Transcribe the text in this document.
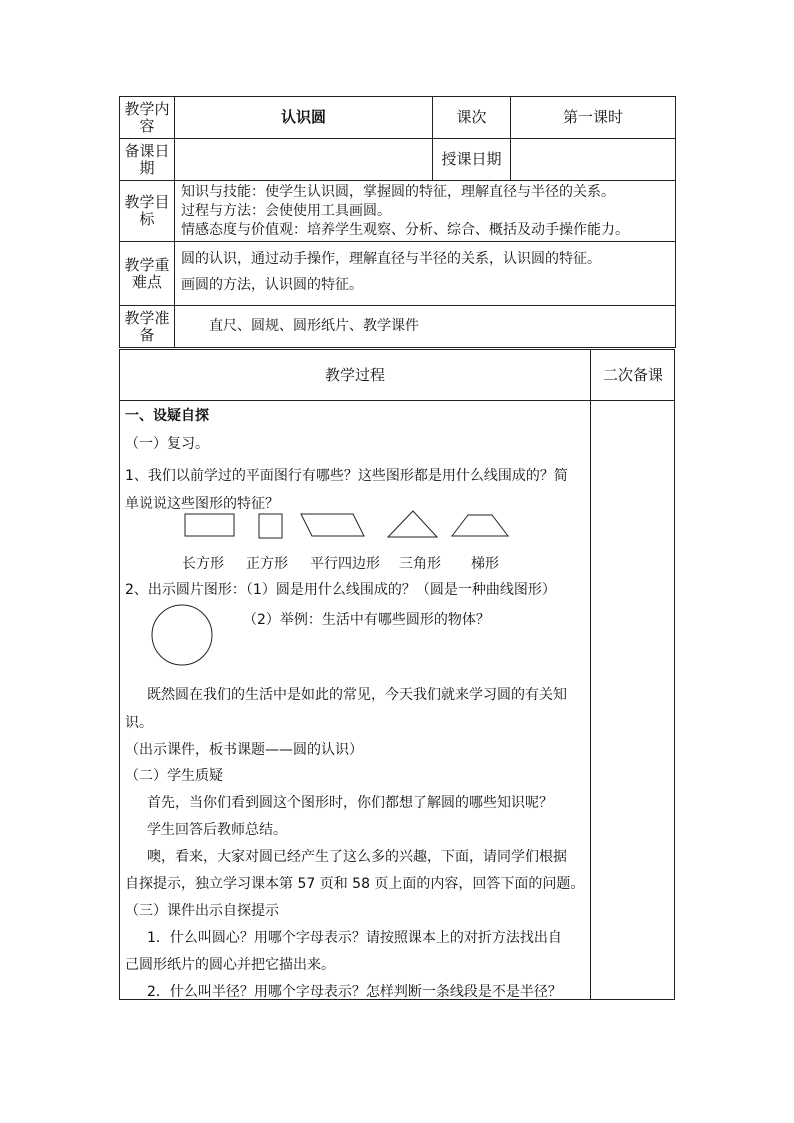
教学内容	认识圆	课次	第一课时
备课日期		授课日期	
教学目标	知识与技能：使学生认识圆，掌握圆的特征，理解直径与半径的关系。
过程与方法：会使使用工具画圆。
情感态度与价值观：培养学生观察、分析、综合、概括及动手操作能力。		

教学重难点	圆的认识，通过动手操作，理解直径与半径的关系，认识圆的特征。
画圆的方法，认识圆的特征。		

教学准备	直尺、圆规、圆形纸片、教学课件		
教学过程	二次备课
一、设疑自探
（一）复习。
1、我们以前学过的平面图行有哪些？这些图形都是用什么线围成的？简
单说说这些图形的特征？
长方形 正方形 平行四边形 三角形 梯形
2、出示圆片图形：（1）圆是用什么线围成的？（圆是一种曲线图形）
（2）举例：生活中有哪些圆形的物体？
既然圆在我们的生活中是如此的常见，今天我们就来学习圆的有关知
识。
（出示课件，板书课题——圆的认识）
（二）学生质疑
首先，当你们看到圆这个图形时，你们都想了解圆的哪些知识呢？
学生回答后教师总结。
噢，看来，大家对圆已经产生了这么多的兴趣，下面，请同学们根据
自探提示，独立学习课本第 57 页和 58 页上面的内容，回答下面的问题。
（三）课件出示自探提示
1．什么叫圆心？用哪个字母表示？请按照课本上的对折方法找出自
己圆形纸片的圆心并把它描出来。
2．什么叫半径？用哪个字母表示？怎样判断一条线段是不是半径？
